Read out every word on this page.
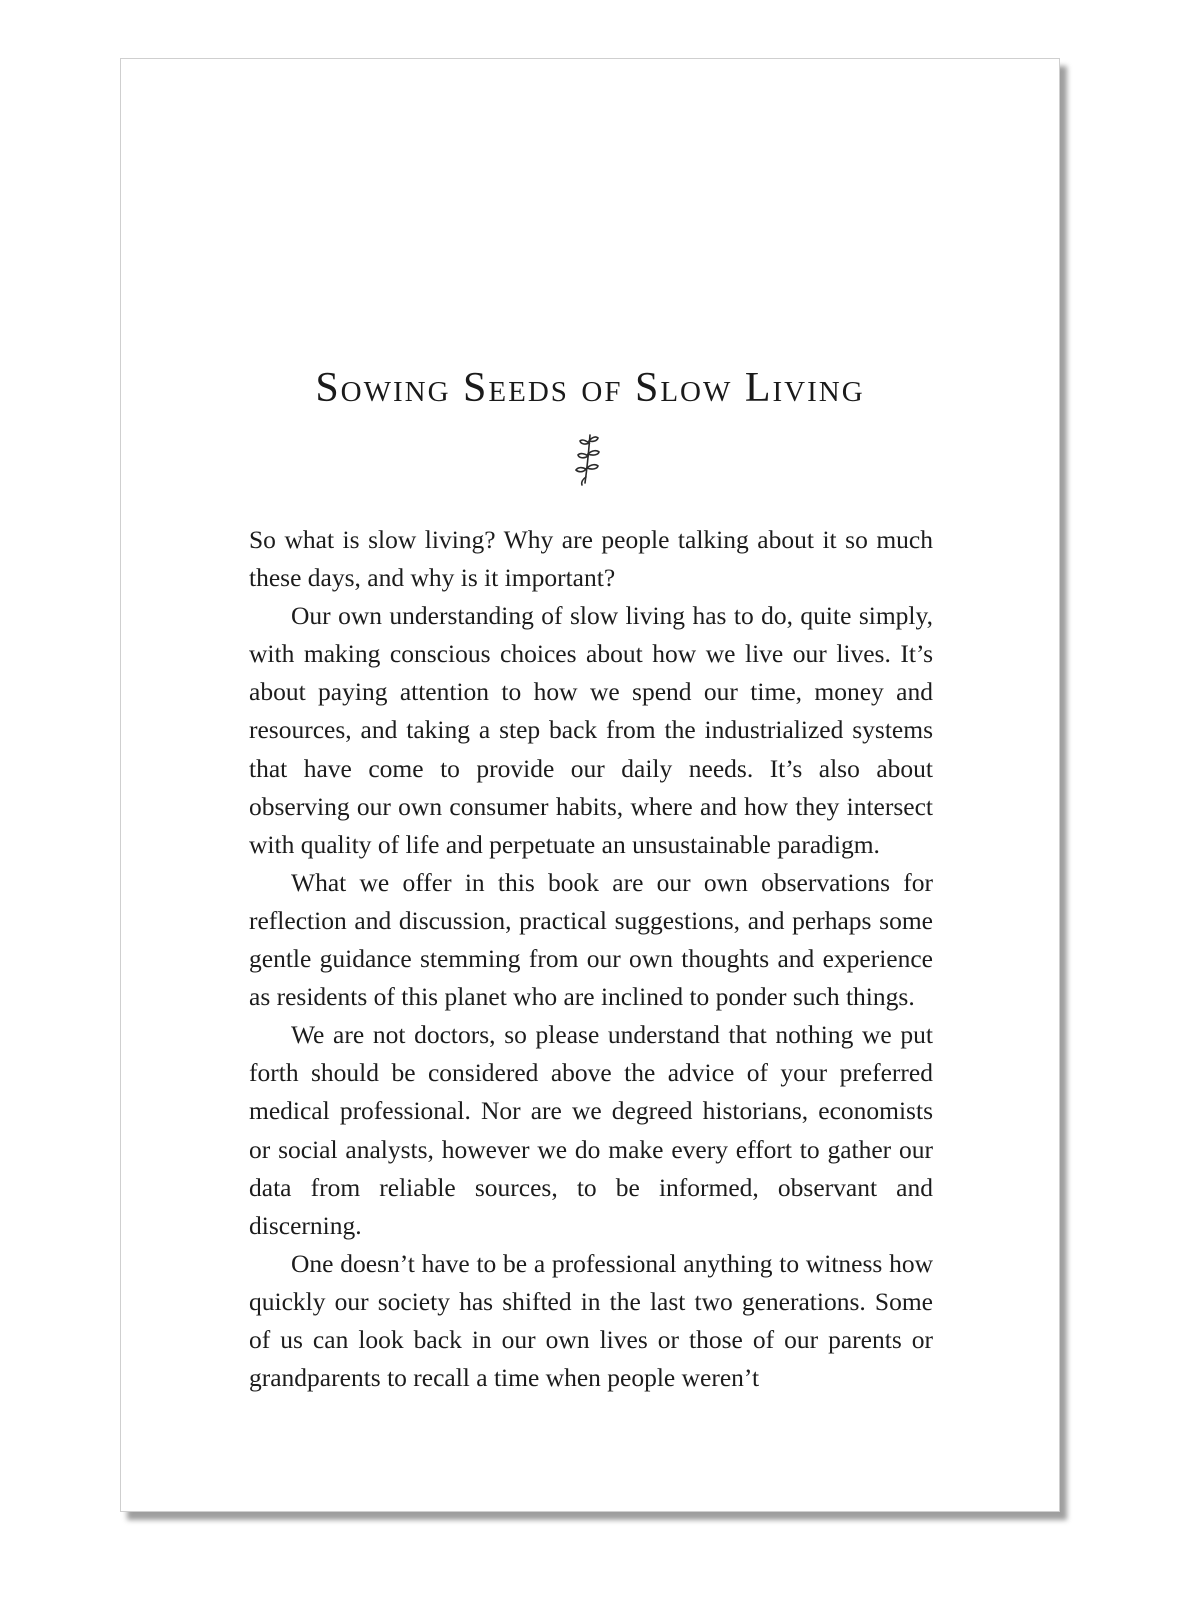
Sowing Seeds of Slow Living

So what is slow living? Why are people talking about it so much these days, and why is it important?

Our own understanding of slow living has to do, quite simply, with making conscious choices about how we live our lives. It’s about paying attention to how we spend our time, money and resources, and taking a step back from the industrialized systems that have come to provide our daily needs. It’s also about observing our own consumer habits, where and how they intersect with quality of life and perpetuate an unsustainable paradigm.

What we offer in this book are our own observations for reflection and discussion, practical suggestions, and perhaps some gentle guidance stemming from our own thoughts and experience as residents of this planet who are inclined to ponder such things.

We are not doctors, so please understand that nothing we put forth should be considered above the advice of your preferred medical professional. Nor are we degreed historians, economists or social analysts, however we do make every effort to gather our data from reliable sources, to be informed, observant and discerning.

One doesn’t have to be a professional anything to witness how quickly our society has shifted in the last two generations. Some of us can look back in our own lives or those of our parents or grandparents to recall a time when people weren’t
